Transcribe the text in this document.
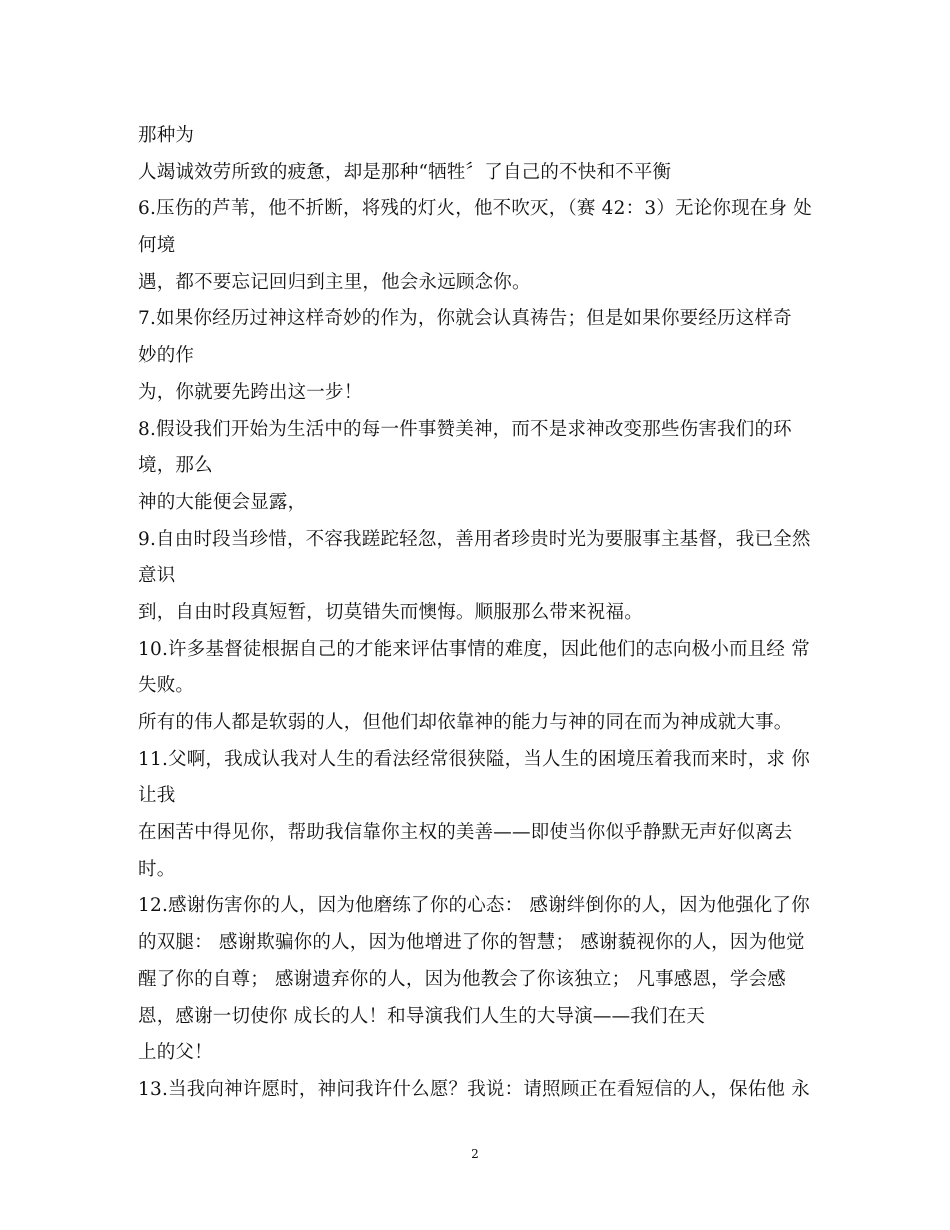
那种为
人竭诚效劳所致的疲惫，却是那种“牺牲〞了自己的不快和不平衡
6.压伤的芦苇，他不折断，将残的灯火，他不吹灭，（赛 42：3）无论你现在身 处
何境
遇，都不要忘记回归到主里，他会永远顾念你。
7.如果你经历过神这样奇妙的作为，你就会认真祷告；但是如果你要经历这样奇
妙的作
为，你就要先跨出这一步！
8.假设我们开始为生活中的每一件事赞美神，而不是求神改变那些伤害我们的环
境，那么
神的大能便会显露，
9.自由时段当珍惜，不容我蹉跎轻忽，善用者珍贵时光为要服事主基督，我已全然
意识
到，自由时段真短暂，切莫错失而懊悔。顺服那么带来祝福。
10.许多基督徒根据自己的才能来评估事情的难度，因此他们的志向极小而且经 常
失败。
所有的伟人都是软弱的人，但他们却依靠神的能力与神的同在而为神成就大事。
11.父啊，我成认我对人生的看法经常很狭隘，当人生的困境压着我而来时，求 你
让我
在困苦中得见你，帮助我信靠你主权的美善——即使当你似乎静默无声好似离去
时。
12.感谢伤害你的人，因为他磨练了你的心态： 感谢绊倒你的人，因为他强化了你
的双腿： 感谢欺骗你的人，因为他增进了你的智慧； 感谢藐视你的人，因为他觉
醒了你的自尊； 感谢遗弃你的人，因为他教会了你该独立； 凡事感恩，学会感
恩，感谢一切使你 成长的人！和导演我们人生的大导演——我们在天
上的父！
13.当我向神许愿时，神问我许什么愿？我说：请照顾正在看短信的人，保佑他 永
2
